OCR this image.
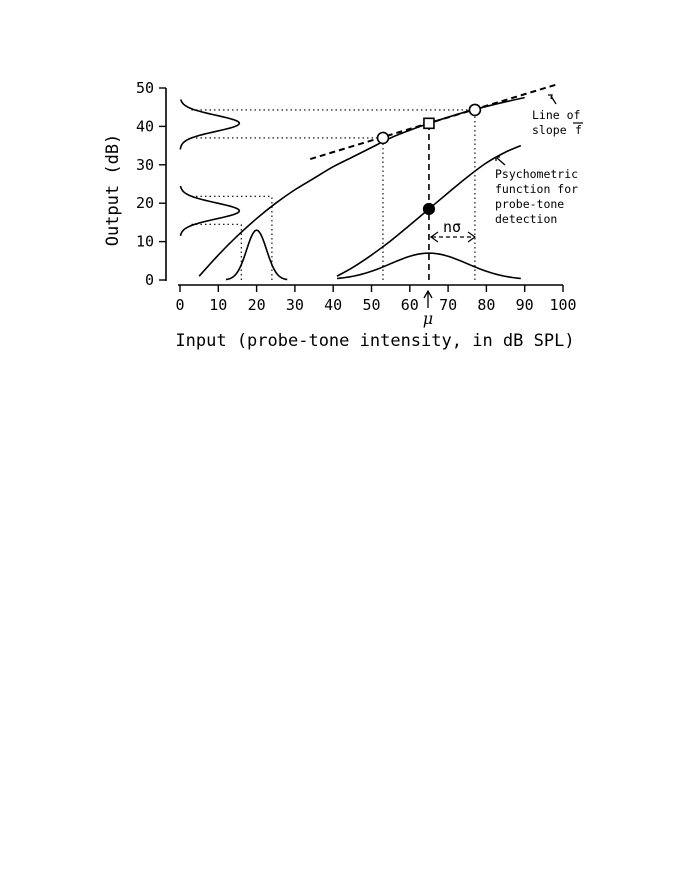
0 10 20 30 40 50 60 70 80 90 100
0
10
20
30
40
50
Line of
slope f
Psychometric
function for
probe-tone
detection
nσ
μ
Input (probe-tone intensity, in dB SPL)
Output (dB)
